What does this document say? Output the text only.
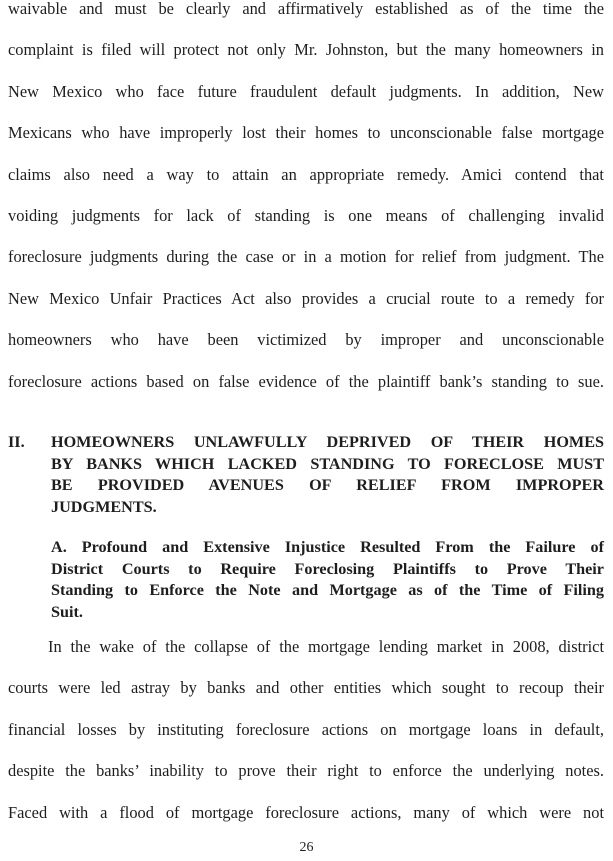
waivable and must be clearly and affirmatively established as of the time the
complaint is filed will protect not only Mr. Johnston, but the many homeowners in
New Mexico who face future fraudulent default judgments. In addition, New
Mexicans who have improperly lost their homes to unconscionable false mortgage
claims also need a way to attain an appropriate remedy. Amici contend that
voiding judgments for lack of standing is one means of challenging invalid
foreclosure judgments during the case or in a motion for relief from judgment. The
New Mexico Unfair Practices Act also provides a crucial route to a remedy for
homeowners who have been victimized by improper and unconscionable
foreclosure actions based on false evidence of the plaintiff bank’s standing to sue.

II.	HOMEOWNERS UNLAWFULLY DEPRIVED OF THEIR HOMES
BY BANKS WHICH LACKED STANDING TO FORECLOSE MUST
BE PROVIDED AVENUES OF RELIEF FROM IMPROPER
JUDGMENTS.

A. Profound and Extensive Injustice Resulted From the Failure of
District Courts to Require Foreclosing Plaintiffs to Prove Their
Standing to Enforce the Note and Mortgage as of the Time of Filing
Suit.

In the wake of the collapse of the mortgage lending market in 2008, district
courts were led astray by banks and other entities which sought to recoup their
financial losses by instituting foreclosure actions on mortgage loans in default,
despite the banks’ inability to prove their right to enforce the underlying notes.
Faced with a flood of mortgage foreclosure actions, many of which were not

26
